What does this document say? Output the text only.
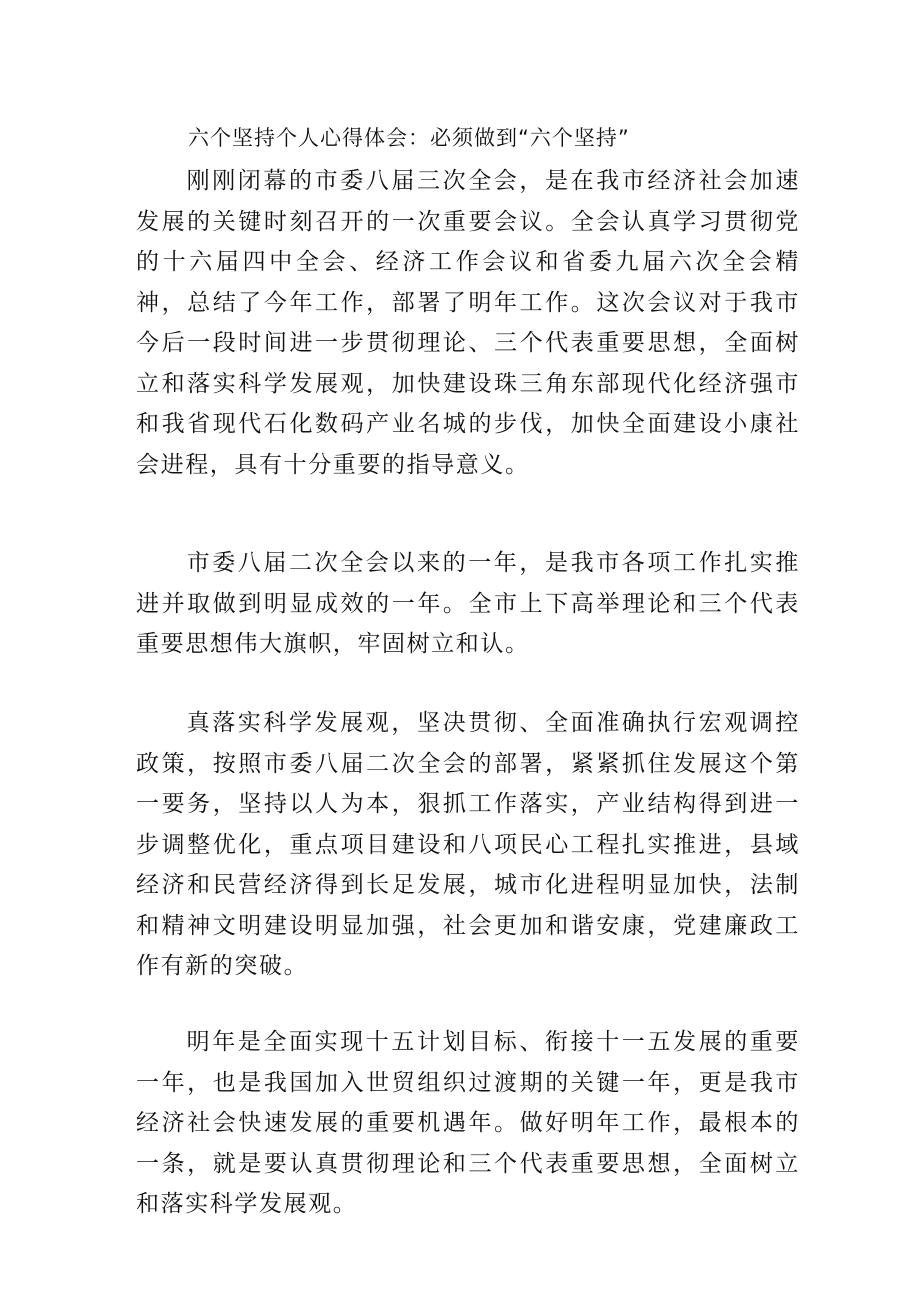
六个坚持个人心得体会：必须做到“六个坚持”

刚刚闭幕的市委八届三次全会，是在我市经济社会加速发展的关键时刻召开的一次重要会议。全会认真学习贯彻党的十六届四中全会、经济工作会议和省委九届六次全会精神，总结了今年工作，部署了明年工作。这次会议对于我市今后一段时间进一步贯彻理论、三个代表重要思想，全面树立和落实科学发展观，加快建设珠三角东部现代化经济强市和我省现代石化数码产业名城的步伐，加快全面建设小康社会进程，具有十分重要的指导意义。

市委八届二次全会以来的一年，是我市各项工作扎实推进并取做到明显成效的一年。全市上下高举理论和三个代表重要思想伟大旗帜，牢固树立和认。

真落实科学发展观，坚决贯彻、全面准确执行宏观调控政策，按照市委八届二次全会的部署，紧紧抓住发展这个第一要务，坚持以人为本，狠抓工作落实，产业结构得到进一步调整优化，重点项目建设和八项民心工程扎实推进，县域经济和民营经济得到长足发展，城市化进程明显加快，法制和精神文明建设明显加强，社会更加和谐安康，党建廉政工作有新的突破。

明年是全面实现十五计划目标、衔接十一五发展的重要一年，也是我国加入世贸组织过渡期的关键一年，更是我市经济社会快速发展的重要机遇年。做好明年工作，最根本的一条，就是要认真贯彻理论和三个代表重要思想，全面树立和落实科学发展观。
